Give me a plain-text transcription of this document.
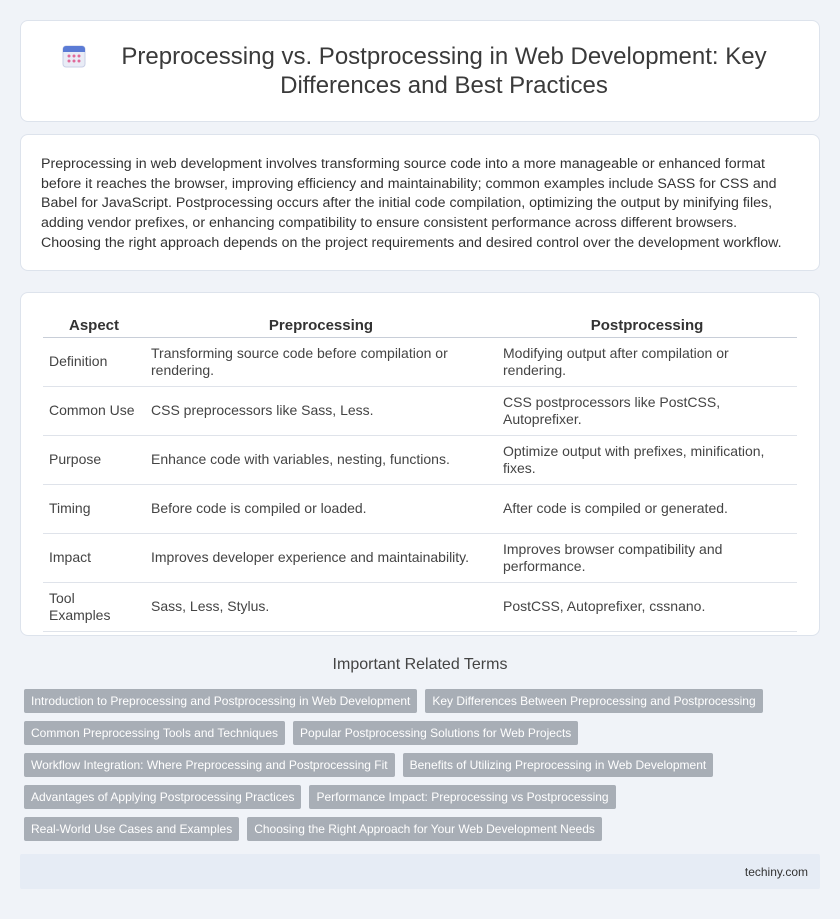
Preprocessing vs. Postprocessing in Web Development: Key Differences and Best Practices

Preprocessing in web development involves transforming source code into a more manageable or enhanced format before it reaches the browser, improving efficiency and maintainability; common examples include SASS for CSS and Babel for JavaScript. Postprocessing occurs after the initial code compilation, optimizing the output by minifying files, adding vendor prefixes, or enhancing compatibility to ensure consistent performance across different browsers. Choosing the right approach depends on the project requirements and desired control over the development workflow.

Aspect	Preprocessing	Postprocessing
Definition	Transforming source code before compilation or rendering.	Modifying output after compilation or rendering.
Common Use	CSS preprocessors like Sass, Less.	CSS postprocessors like PostCSS, Autoprefixer.
Purpose	Enhance code with variables, nesting, functions.	Optimize output with prefixes, minification, fixes.
Timing	Before code is compiled or loaded.	After code is compiled or generated.
Impact	Improves developer experience and maintainability.	Improves browser compatibility and performance.
Tool Examples	Sass, Less, Stylus.	PostCSS, Autoprefixer, cssnano.
Important Related Terms
Introduction to Preprocessing and Postprocessing in Web Development	Key Differences Between Preprocessing and Postprocessing
Common Preprocessing Tools and Techniques	Popular Postprocessing Solutions for Web Projects
Workflow Integration: Where Preprocessing and Postprocessing Fit	Benefits of Utilizing Preprocessing in Web Development
Advantages of Applying Postprocessing Practices	Performance Impact: Preprocessing vs Postprocessing
Real-World Use Cases and Examples	Choosing the Right Approach for Your Web Development Needs
techiny.com
